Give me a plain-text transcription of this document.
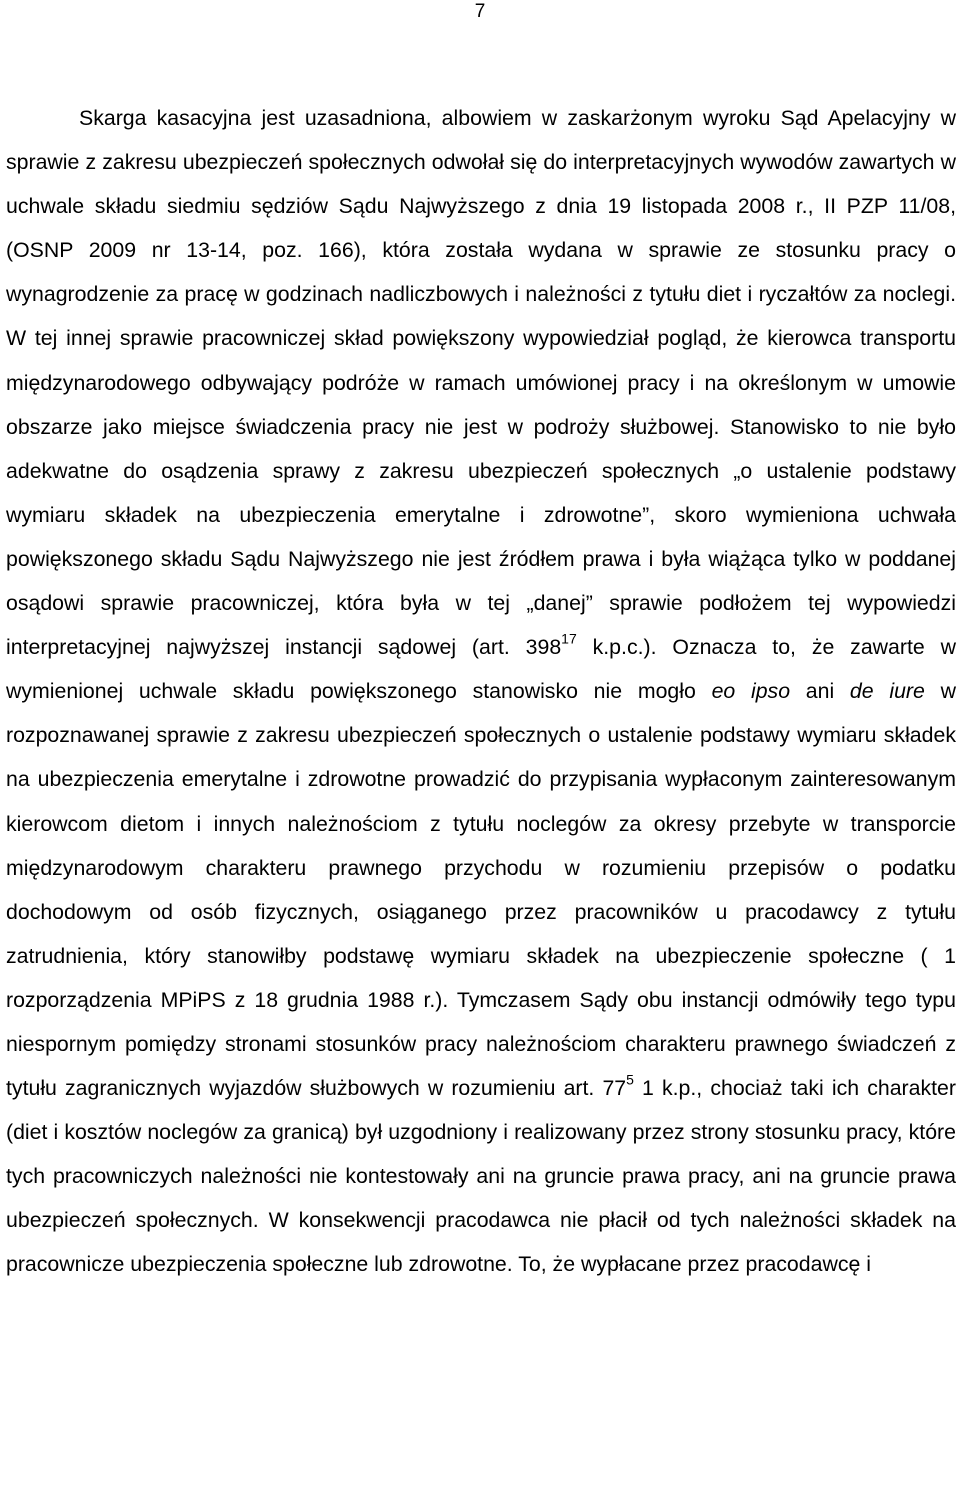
7

Skarga kasacyjna jest uzasadniona, albowiem w zaskarżonym wyroku Sąd Apelacyjny w sprawie z zakresu ubezpieczeń społecznych odwołał się do interpretacyjnych wywodów zawartych w uchwale składu siedmiu sędziów Sądu Najwyższego z dnia 19 listopada 2008 r., II PZP 11/08, (OSNP 2009 nr 13-14, poz. 166), która została wydana w sprawie ze stosunku pracy o wynagrodzenie za pracę w godzinach nadliczbowych i należności z tytułu diet i ryczałtów za noclegi. W tej innej sprawie pracowniczej skład powiększony wypowiedział pogląd, że kierowca transportu międzynarodowego odbywający podróże w ramach umówionej pracy i na określonym w umowie obszarze jako miejsce świadczenia pracy nie jest w podroży służbowej. Stanowisko to nie było adekwatne do osądzenia sprawy z zakresu ubezpieczeń społecznych „o ustalenie podstawy wymiaru składek na ubezpieczenia emerytalne i zdrowotne”, skoro wymieniona uchwała powiększonego składu Sądu Najwyższego nie jest źródłem prawa i była wiążąca tylko w poddanej osądowi sprawie pracowniczej, która była w tej „danej” sprawie podłożem tej wypowiedzi interpretacyjnej najwyższej instancji sądowej (art. $398^{17}$ k.p.c.). Oznacza to, że zawarte w wymienionej uchwale składu powiększonego stanowisko nie mogło eo ipso ani de iure w rozpoznawanej sprawie z zakresu ubezpieczeń społecznych o ustalenie podstawy wymiaru składek na ubezpieczenia emerytalne i zdrowotne prowadzić do przypisania wypłaconym zainteresowanym kierowcom dietom i innych należnościom z tytułu noclegów za okresy przebyte w transporcie międzynarodowym charakteru prawnego przychodu w rozumieniu przepisów o podatku dochodowym od osób fizycznych, osiąganego przez pracowników u pracodawcy z tytułu zatrudnienia, który stanowiłby podstawę wymiaru składek na ubezpieczenie społeczne ( 1 rozporządzenia MPiPS z 18 grudnia 1988 r.). Tymczasem Sądy obu instancji odmówiły tego typu niespornym pomiędzy stronami stosunków pracy należnościom charakteru prawnego świadczeń z tytułu zagranicznych wyjazdów służbowych w rozumieniu art. $77^5$ 1 k.p., chociaż taki ich charakter (diet i kosztów noclegów za granicą) był uzgodniony i realizowany przez strony stosunku pracy, które tych pracowniczych należności nie kontestowały ani na gruncie prawa pracy, ani na gruncie prawa ubezpieczeń społecznych. W konsekwencji pracodawca nie płacił od tych należności składek na pracownicze ubezpieczenia społeczne lub zdrowotne. To, że wypłacane przez pracodawcę i
